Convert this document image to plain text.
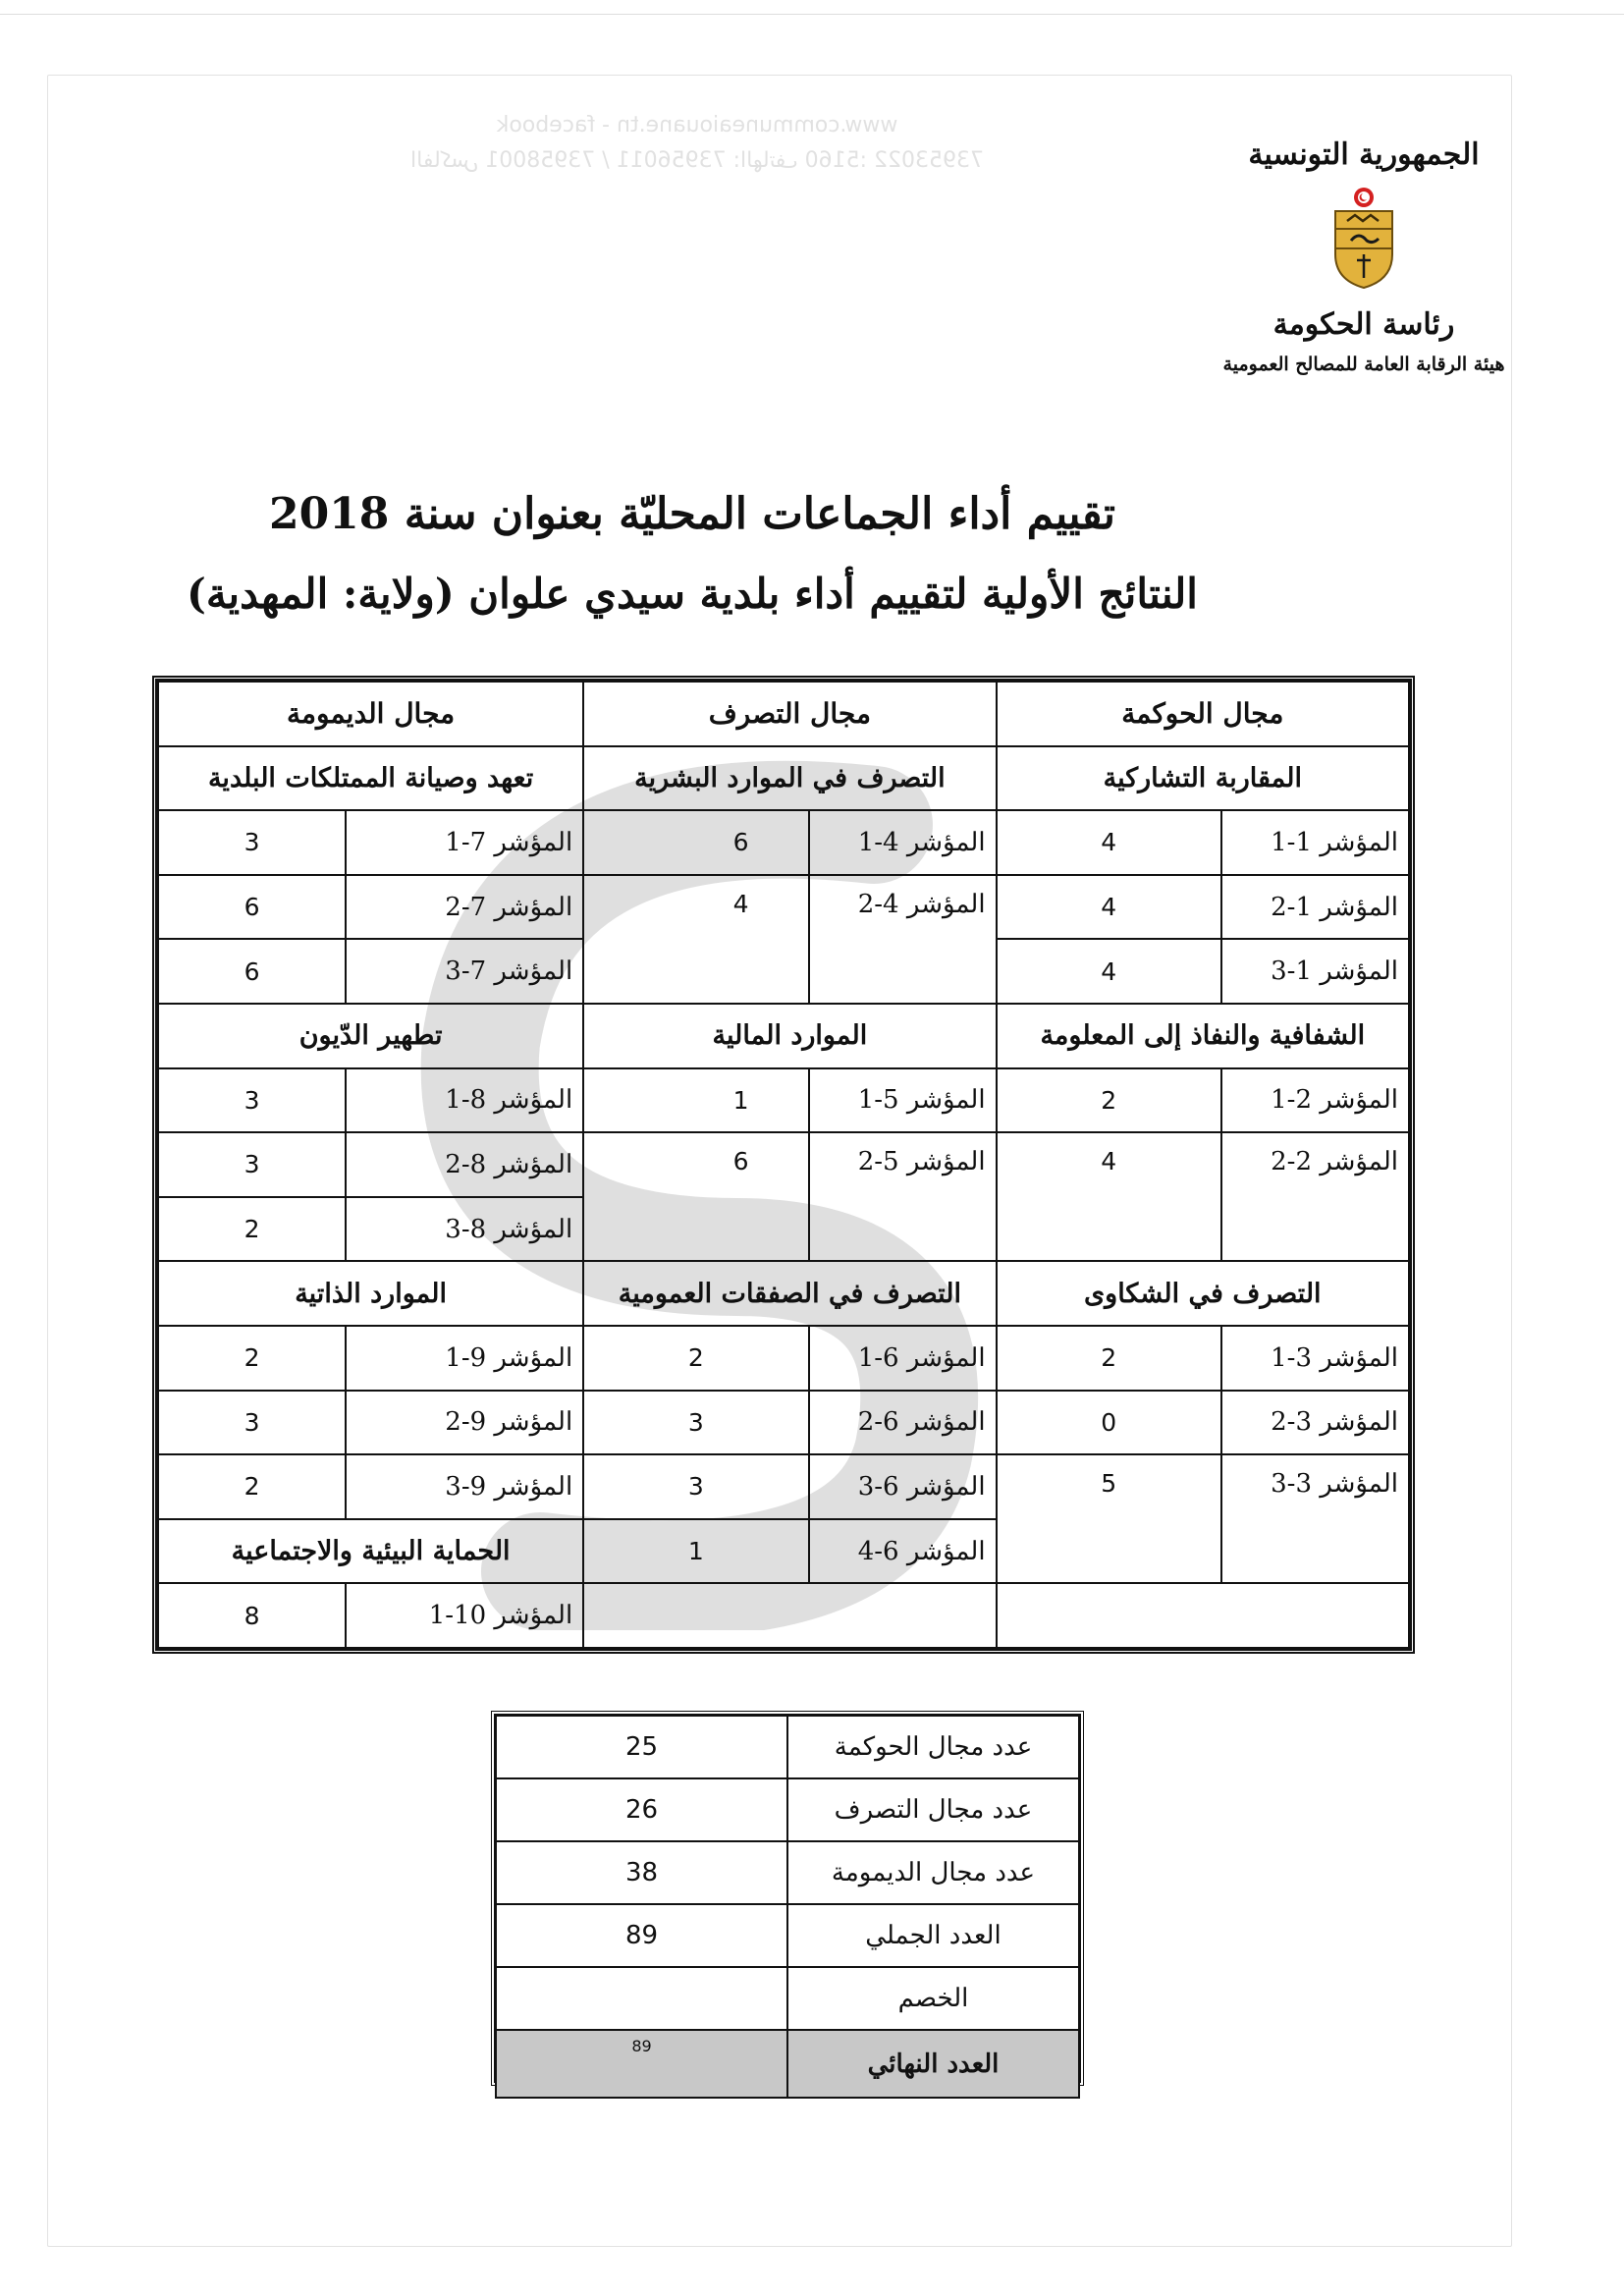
www.communeaiouane.tn - facebook
73953022 :الفاكس 73958001 / 73956011 :الهاتف 5160	الجمهورية التونسية
رئاسة الحكومة
هيئة الرقابة العامة للمصالح العمومية
تقييم أداء الجماعات المحليّة بعنوان سنة 2018
النتائج الأولية لتقييم أداء بلدية سيدي علوان (ولاية: المهدية)
مجال الحوكمة		مجال التصرف		مجال الديمومة	
المقاربة التشاركية		التصرف في الموارد البشرية		تعهد وصيانة الممتلكات البلدية	
المؤشر 1-1	4	المؤشر 4-1	6	المؤشر 7-1	3
المؤشر 1-2	4	المؤشر 4-2	4	المؤشر 7-2	6
المؤشر 1-3	4			المؤشر 7-3	6
الشفافية والنفاذ إلى المعلومة		الموارد المالية		تطهير الدّيون	
المؤشر 2-1	2	المؤشر 5-1	1	المؤشر 8-1	3
المؤشر 2-2	4	المؤشر 5-2	6	المؤشر 8-2	3
				المؤشر 8-3	2
التصرف في الشكاوى		التصرف في الصفقات العمومية		الموارد الذاتية	
المؤشر 3-1	2	المؤشر 6-1	2	المؤشر 9-1	2
المؤشر 3-2	0	المؤشر 6-2	3	المؤشر 9-2	3
المؤشر 3-3	5	المؤشر 6-3	3	المؤشر 9-3	2
		المؤشر 6-4	1	الحماية البيئية والاجتماعية	
				المؤشر 10-1	8
عدد مجال الحوكمة	25
عدد مجال التصرف	26
عدد مجال الديمومة	38
العدد الجملي	89
الخصم	
العدد النهائي	89
